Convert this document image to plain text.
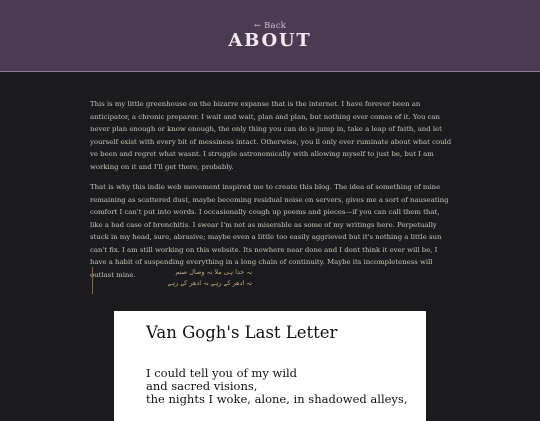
← Back
ABOUT

This is my little greenhouse on the bizarre expanse that is the internet. I have forever been an anticipator, a chronic preparer. I wait and wait, plan and plan, but nothing ever comes of it. You can never plan enough or know enough, the only thing you can do is jump in, take a leap of faith, and let yourself exist with every bit of messiness intact. Otherwise, you ll only ever ruminate about what could ve been and regret what wasnt. I struggle astronomically with allowing myself to just be, but I am working on it and I'll get there, probably.

That is why this indie web movement inspired me to create this blog. The idea of something of mine remaining as scattered dust, maybe becoming residual noise on servers, gives me a sort of nauseating comfort I can't put into words. I occasionally cough up poems and pieces—if you can call them that, like a bad case of bronchitis. I swear I'm not as miserable as some of my writings here. Perpetually stuck in my head, sure, abrasive; maybe even a little too easily aggrieved but it's nothing a little sun can't fix. I am still working on this website. Its nowhere near done and I dont think it ever will be, I have a habit of suspending everything in a long chain of continuity. Maybe its incompleteness will outlast mine.	نہ خدا ہی ملا نہ وصال صنم
نہ ادھر کے رہے نہ ادھر کے رہے
Van Gogh's Last Letter
I could tell you of my wild
and sacred visions,
the nights I woke, alone, in shadowed alleys,
